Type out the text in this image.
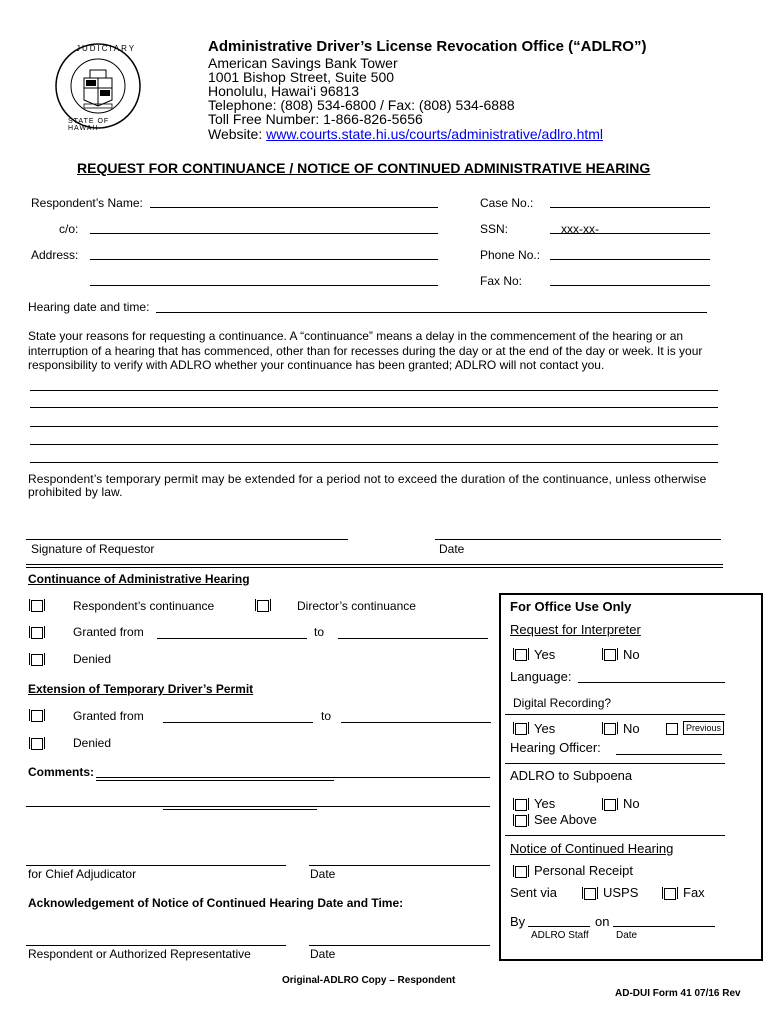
JUDICIARY
STATE OF HAWAII
Administrative Driver’s License Revocation Office (“ADLRO”)
American Savings Bank Tower
1001 Bishop Street, Suite 500
Honolulu, Hawai‘i 96813
Telephone: (808) 534-6800 / Fax: (808) 534-6888
Toll Free Number: 1-866-826-5656
Website: www.courts.state.hi.us/courts/administrative/adlro.html
REQUEST FOR CONTINUANCE / NOTICE OF CONTINUED ADMINISTRATIVE HEARING
Respondent’s Name:
c/o:
Address:
Case No.:
SSN:	xxx-xx-
Phone No.:
Fax No:
Hearing date and time:
State your reasons for requesting a continuance. A “continuance” means a delay in the commencement of the hearing or an interruption of a hearing that has commenced, other than for recesses during the day or at the end of the day or week. It is your responsibility to verify with ADLRO whether your continuance has been granted; ADLRO will not contact you.
Respondent’s temporary permit may be extended for a period not to exceed the duration of the continuance, unless otherwise prohibited by law.
Signature of Requestor	Date
Continuance of Administrative Hearing
Respondent’s continuance	Director’s continuance
Granted from	to
Denied
Extension of Temporary Driver’s Permit
Granted from	to
Denied
Comments:
for Chief Adjudicator	Date
Acknowledgement of Notice of Continued Hearing Date and Time:
Respondent or Authorized Representative	Date
For Office Use Only
Request for Interpreter
Yes	No
Language:
Digital Recording?
Yes	No	Previous
Hearing Officer:
ADLRO to Subpoena
Yes	No
See Above
Notice of Continued Hearing
Personal Receipt
Sent via	USPS	Fax
By	on
ADLRO Staff	Date
Original-ADLRO Copy – Respondent
AD-DUI Form 41 07/16 Rev
